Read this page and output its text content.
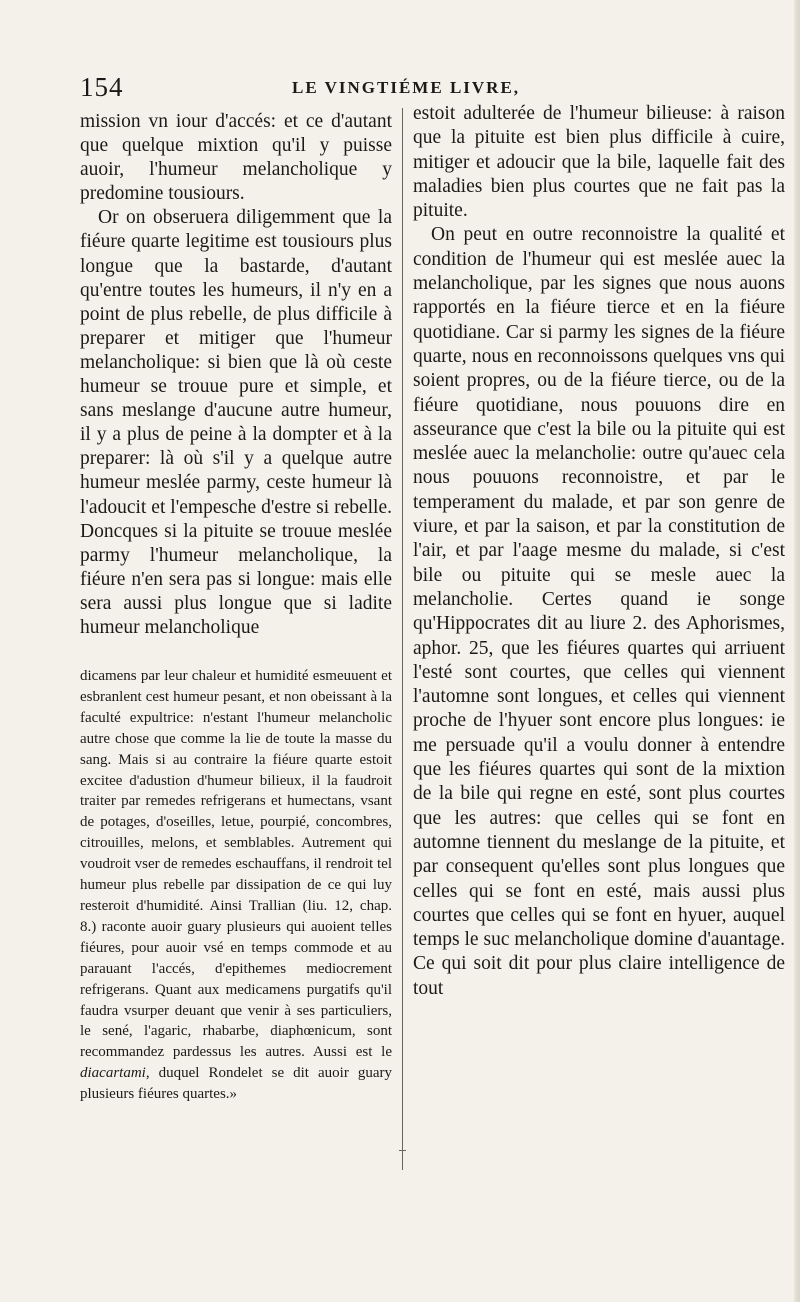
154	LE VINGTIÉME LIVRE,

mission vn iour d'accés: et ce d'autant que quelque mixtion qu'il y puisse auoir, l'humeur melancholique y predomine tousiours.

Or on obseruera diligemment que la fiéure quarte legitime est tousiours plus longue que la bastarde, d'autant qu'entre toutes les humeurs, il n'y en a point de plus rebelle, de plus difficile à preparer et mitiger que l'humeur melancholique: si bien que là où ceste humeur se trouue pure et simple, et sans meslange d'aucune autre humeur, il y a plus de peine à la dompter et à la preparer: là où s'il y a quelque autre humeur meslée parmy, ceste humeur là l'adoucit et l'empesche d'estre si rebelle. Doncques si la pituite se trouue meslée parmy l'humeur melancholique, la fiéure n'en sera pas si longue: mais elle sera aussi plus longue que si ladite humeur melancholique

dicamens par leur chaleur et humidité esmeuuent et esbranlent cest humeur pesant, et non obeissant à la faculté expultrice: n'estant l'humeur melancholic autre chose que comme la lie de toute la masse du sang. Mais si au contraire la fiéure quarte estoit excitee d'adustion d'humeur bilieux, il la faudroit traiter par remedes refrigerans et humectans, vsant de potages, d'oseilles, letue, pourpié, concombres, citrouilles, melons, et semblables. Autrement qui voudroit vser de remedes eschauffans, il rendroit tel humeur plus rebelle par dissipation de ce qui luy resteroit d'humidité. Ainsi Trallian (liu. 12, chap. 8.) raconte auoir guary plusieurs qui auoient telles fiéures, pour auoir vsé en temps commode et au parauant l'accés, d'epithemes mediocrement refrigerans. Quant aux medicamens purgatifs qu'il faudra vsurper deuant que venir à ses particuliers, le sené, l'agaric, rhabarbe, diaphœnicum, sont recommandez pardessus les autres. Aussi est le diacartami, duquel Rondelet se dit auoir guary plusieurs fiéures quartes.»

estoit adulterée de l'humeur bilieuse: à raison que la pituite est bien plus difficile à cuire, mitiger et adoucir que la bile, laquelle fait des maladies bien plus courtes que ne fait pas la pituite.

On peut en outre reconnoistre la qualité et condition de l'humeur qui est meslée auec la melancholique, par les signes que nous auons rapportés en la fiéure tierce et en la fiéure quotidiane. Car si parmy les signes de la fiéure quarte, nous en reconnoissons quelques vns qui soient propres, ou de la fiéure tierce, ou de la fiéure quotidiane, nous pouuons dire en asseurance que c'est la bile ou la pituite qui est meslée auec la melancholie: outre qu'auec cela nous pouuons reconnoistre, et par le temperament du malade, et par son genre de viure, et par la saison, et par la constitution de l'air, et par l'aage mesme du malade, si c'est bile ou pituite qui se mesle auec la melancholie. Certes quand ie songe qu'Hippocrates dit au liure 2. des Aphorismes, aphor. 25, que les fiéures quartes qui arriuent l'esté sont courtes, que celles qui viennent l'automne sont longues, et celles qui viennent proche de l'hyuer sont encore plus longues: ie me persuade qu'il a voulu donner à entendre que les fiéures quartes qui sont de la mixtion de la bile qui regne en esté, sont plus courtes que les autres: que celles qui se font en automne tiennent du meslange de la pituite, et par consequent qu'elles sont plus longues que celles qui se font en esté, mais aussi plus courtes que celles qui se font en hyuer, auquel temps le suc melancholique domine d'auantage. Ce qui soit dit pour plus claire intelligence de tout
